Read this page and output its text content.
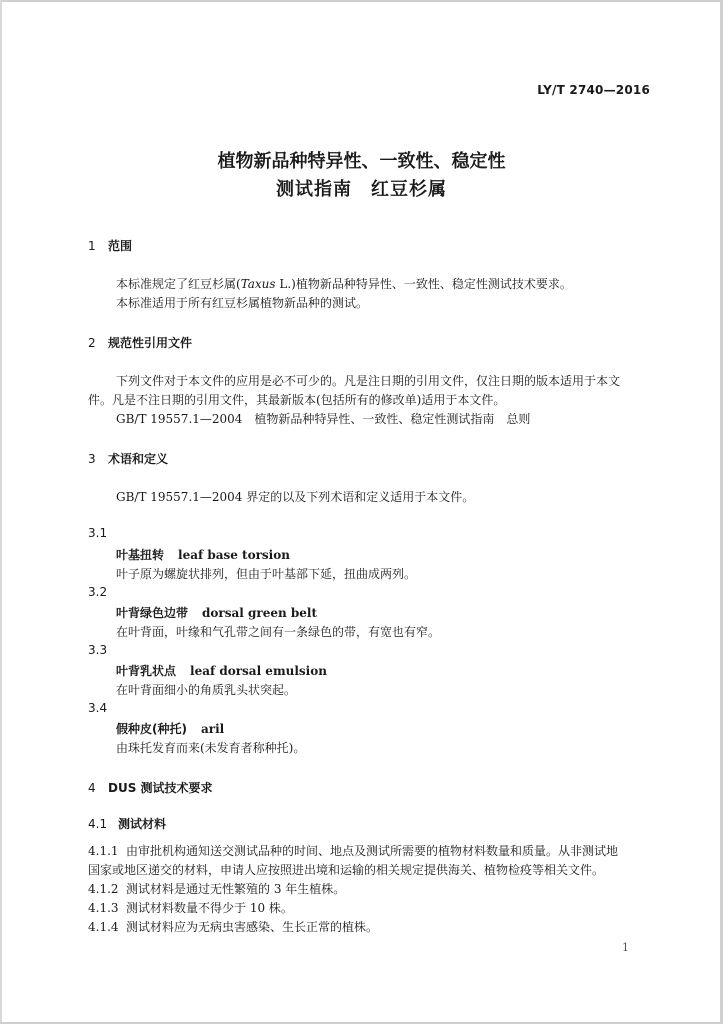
LY/T 2740—2016
植物新品种特异性、一致性、稳定性
测试指南　红豆杉属
1 范围
本标准规定了红豆杉属(Taxus L.)植物新品种特异性、一致性、稳定性测试技术要求。
本标准适用于所有红豆杉属植物新品种的测试。
2 规范性引用文件
下列文件对于本文件的应用是必不可少的。凡是注日期的引用文件，仅注日期的版本适用于本文
件。凡是不注日期的引用文件，其最新版本(包括所有的修改单)适用于本文件。
GB/T 19557.1—2004　植物新品种特异性、一致性、稳定性测试指南　总则
3 术语和定义
GB/T 19557.1—2004 界定的以及下列术语和定义适用于本文件。
3.1
叶基扭转 leaf base torsion
叶子原为螺旋状排列，但由于叶基部下延，扭曲成两列。
3.2
叶背绿色边带 dorsal green belt
在叶背面，叶缘和气孔带之间有一条绿色的带，有宽也有窄。
3.3
叶背乳状点 leaf dorsal emulsion
在叶背面细小的角质乳头状突起。
3.4
假种皮(种托) aril
由珠托发育而来(未发育者称种托)。
4 DUS 测试技术要求
4.1 测试材料
4.1.1 由审批机构通知送交测试品种的时间、地点及测试所需要的植物材料数量和质量。从非测试地
国家或地区递交的材料，申请人应按照进出境和运输的相关规定提供海关、植物检疫等相关文件。
4.1.2 测试材料是通过无性繁殖的 3 年生植株。
4.1.3 测试材料数量不得少于 10 株。
4.1.4 测试材料应为无病虫害感染、生长正常的植株。
1
